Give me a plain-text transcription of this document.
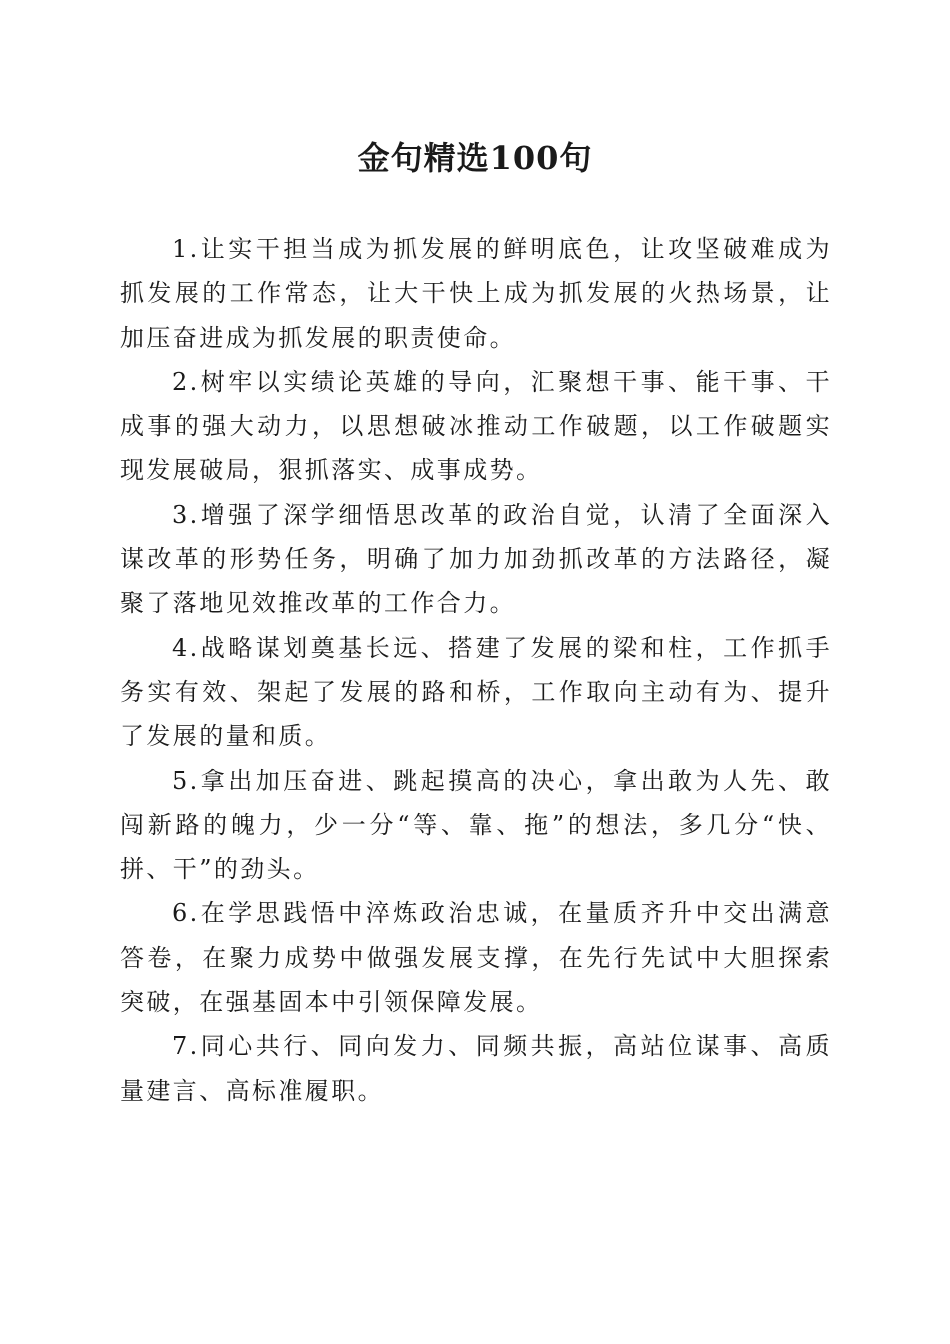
金句精选100句

1.让实干担当成为抓发展的鲜明底色，让攻坚破难成为抓发展的工作常态，让大干快上成为抓发展的火热场景，让加压奋进成为抓发展的职责使命。

2.树牢以实绩论英雄的导向，汇聚想干事、能干事、干成事的强大动力，以思想破冰推动工作破题，以工作破题实现发展破局，狠抓落实、成事成势。

3.增强了深学细悟思改革的政治自觉，认清了全面深入谋改革的形势任务，明确了加力加劲抓改革的方法路径，凝聚了落地见效推改革的工作合力。

4.战略谋划奠基长远、搭建了发展的梁和柱，工作抓手务实有效、架起了发展的路和桥，工作取向主动有为、提升了发展的量和质。

5.拿出加压奋进、跳起摸高的决心，拿出敢为人先、敢闯新路的魄力，少一分“等、靠、拖”的想法，多几分“快、拼、干”的劲头。

6.在学思践悟中淬炼政治忠诚，在量质齐升中交出满意答卷，在聚力成势中做强发展支撑，在先行先试中大胆探索突破，在强基固本中引领保障发展。

7.同心共行、同向发力、同频共振，高站位谋事、高质量建言、高标准履职。
